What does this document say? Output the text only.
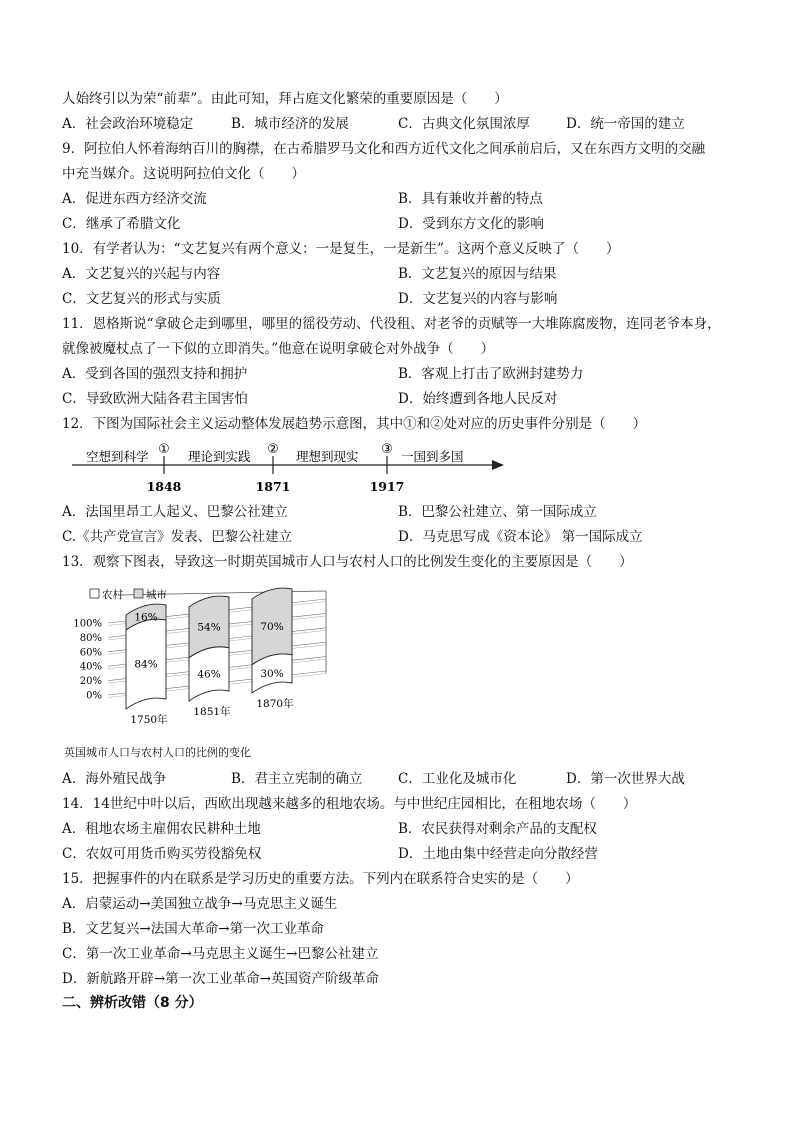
人始终引以为荣“前辈”。由此可知，拜占庭文化繁荣的重要原因是（　　）
A．社会政治环境稳定	B．城市经济的发展	C．古典文化氛围浓厚	D．统一帝国的建立
9．阿拉伯人怀着海纳百川的胸襟，在古希腊罗马文化和西方近代文化之间承前启后，又在东西方文明的交融
中充当媒介。这说明阿拉伯文化（　　）
A．促进东西方经济交流	B．具有兼收并蓄的特点
C．继承了希腊文化	D．受到东方文化的影响
10．有学者认为：“文艺复兴有两个意义：一是复生，一是新生”。这两个意义反映了（　　）
A．文艺复兴的兴起与内容	B．文艺复兴的原因与结果
C．文艺复兴的形式与实质	D．文艺复兴的内容与影响
11．恩格斯说“拿破仑走到哪里，哪里的徭役劳动、代役租、对老爷的贡赋等一大堆陈腐废物，连同老爷本身，
就像被魔杖点了一下似的立即消失。”他意在说明拿破仑对外战争（　　）
A．受到各国的强烈支持和拥护	B．客观上打击了欧洲封建势力
C．导致欧洲大陆各君主国害怕	D．始终遭到各地人民反对
12．下图为国际社会主义运动整体发展趋势示意图，其中①和②处对应的历史事件分别是（　　）
空想到科学	理论到实践	理想到现实	一国到多国
①	②	③
1848	1871	1917
A．法国里昂工人起义、巴黎公社建立	B．巴黎公社建立、第一国际成立
C.《共产党宣言》发表、巴黎公社建立	D．马克思写成《资本论》 第一国际成立
13．观察下图表，导致这一时期英国城市人口与农村人口的比例发生变化的主要原因是（　　）
100%
80%
60%
40%
20%
0%
16%
84%
1750年
54%
46%
1851年
70%
30%
1870年
农村 城市
英国城市人口与农村人口的比例的变化
A．海外殖民战争	B．君主立宪制的确立	C．工业化及城市化	D．第一次世界大战
14．14世纪中叶以后，西欧出现越来越多的租地农场。与中世纪庄园相比，在租地农场（　　）
A．租地农场主雇佣农民耕种土地	B．农民获得对剩余产品的支配权
C．农奴可用货币购买劳役豁免权	D．土地由集中经营走向分散经营
15．把握事件的内在联系是学习历史的重要方法。下列内在联系符合史实的是（　　）
A．启蒙运动→美国独立战争→马克思主义诞生
B．文艺复兴→法国大革命→第一次工业革命
C．第一次工业革命→马克思主义诞生→巴黎公社建立
D．新航路开辟→第一次工业革命→英国资产阶级革命
二、辨析改错（8 分）
